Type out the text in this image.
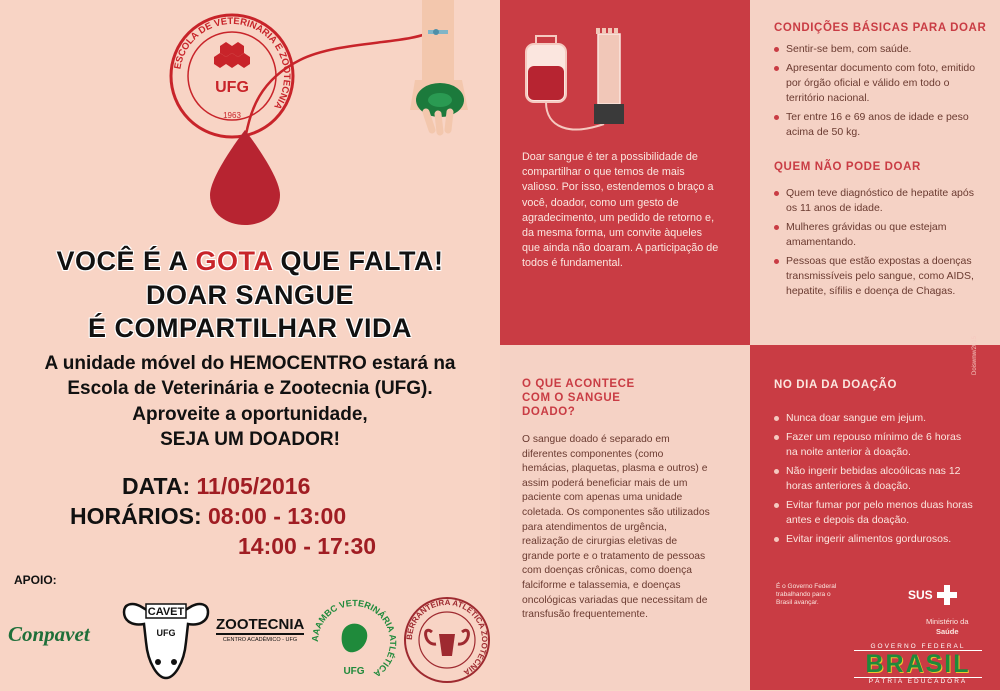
ESCOLA DE VETERINÁRIA E ZOOTECNIA
UFG
1963
VOCÊ É A GOTA QUE FALTA!
DOAR SANGUE
É COMPARTILHAR VIDA
A unidade móvel do HEMOCENTRO estará na
Escola de Veterinária e Zootecnia (UFG).
Aproveite a oportunidade,
SEJA UM DOADOR!
DATA: 11/05/2016
HORÁRIOS: 08:00 - 13:00
14:00 - 17:30
APOIO:
Conpavet
CAVET
UFG	ZOOTECNIA
CENTRO ACADÊMICO - UFG	AAAMBC VETERINÁRIA ATLÉTICA
UFG
BERRANTEIRA ATLÉTICA ZOOTECNIA
Doar sangue é ter a possibilidade de compartilhar o que temos de mais valioso. Por isso, estendemos o braço a você, doador, como um gesto de agradecimento, um pedido de retorno e, da mesma forma, um convite àqueles que ainda não doaram. A participação de todos é fundamental.
CONDIÇÕES BÁSICAS PARA DOAR
Sentir-se bem, com saúde.
Apresentar documento com foto, emitido por órgão oficial e válido em todo o território nacional.
Ter entre 16 e 69 anos de idade e peso acima de 50 kg.
QUEM NÃO PODE DOAR
Quem teve diagnóstico de hepatite após os 11 anos de idade.
Mulheres grávidas ou que estejam amamentando.
Pessoas que estão expostas a doenças transmissíveis pelo sangue, como AIDS, hepatite, sífilis e doença de Chagas.
O QUE ACONTECE
COM O SANGUE
DOADO?
O sangue doado é separado em diferentes componentes (como hemácias, plaquetas, plasma e outros) e assim poderá beneficiar mais de um paciente com apenas uma unidade coletada. Os componentes são utilizados para atendimentos de urgência, realização de cirurgias eletivas de grande porte e o tratamento de pessoas com doenças crônicas, como doença falciforme e talassemia, e doenças oncológicas variadas que necessitam de transfusão frequentemente.
NO DIA DA DOAÇÃO
Nunca doar sangue em jejum.
Fazer um repouso mínimo de 6 horas na noite anterior à doação.
Não ingerir bebidas alcoólicas nas 12 horas anteriores à doação.
Evitar fumar por pelo menos duas horas antes e depois da doação.
Evitar ingerir alimentos gordurosos.
Doiswnw/2015
É o Governo Federal trabalhando para o Brasil avançar.
SUS
Ministério da
Saúde
GOVERNO FEDERAL
BRASIL
PÁTRIA EDUCADORA
